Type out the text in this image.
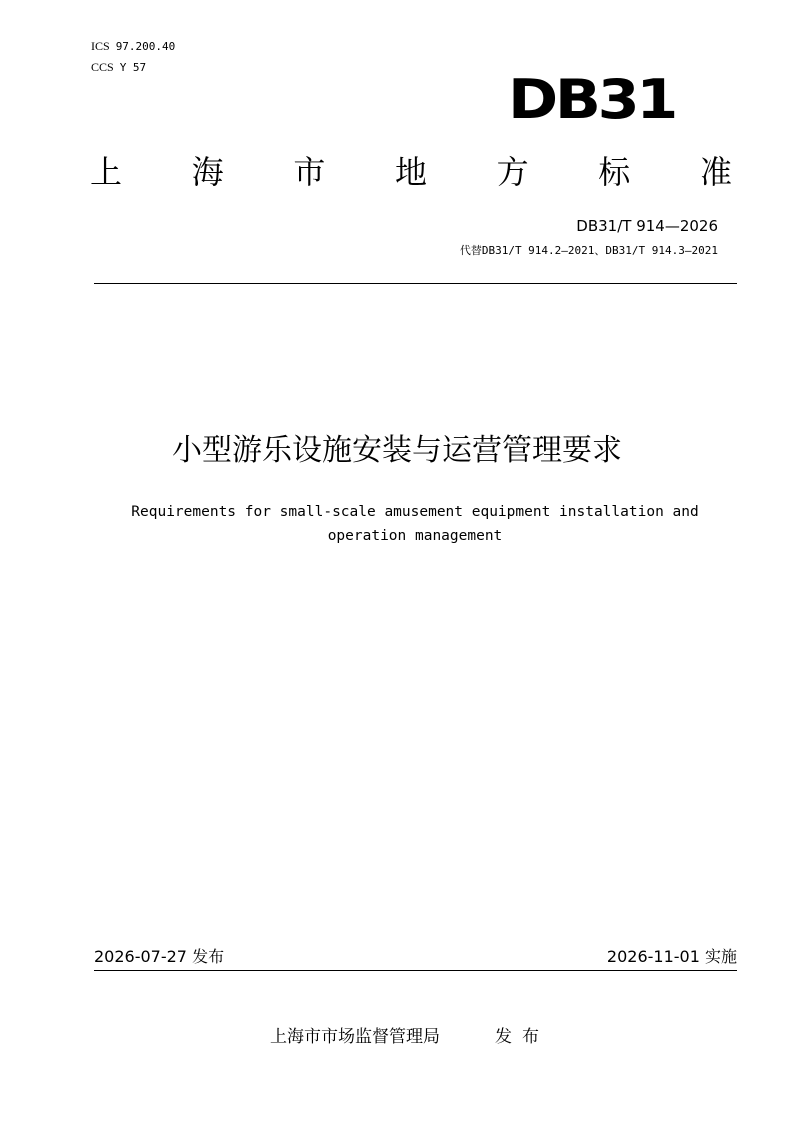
ICS 97.200.40
CCS Y 57
DB31
上 海 市 地 方 标 准
DB31/T 914—2026
代替DB31/T 914.2—2021、DB31/T 914.3—2021
小型游乐设施安装与运营管理要求
Requirements for small-scale amusement equipment installation and operation management
2026-07-27 发布	2026-11-01 实施
上海市市场监督管理局	发布
